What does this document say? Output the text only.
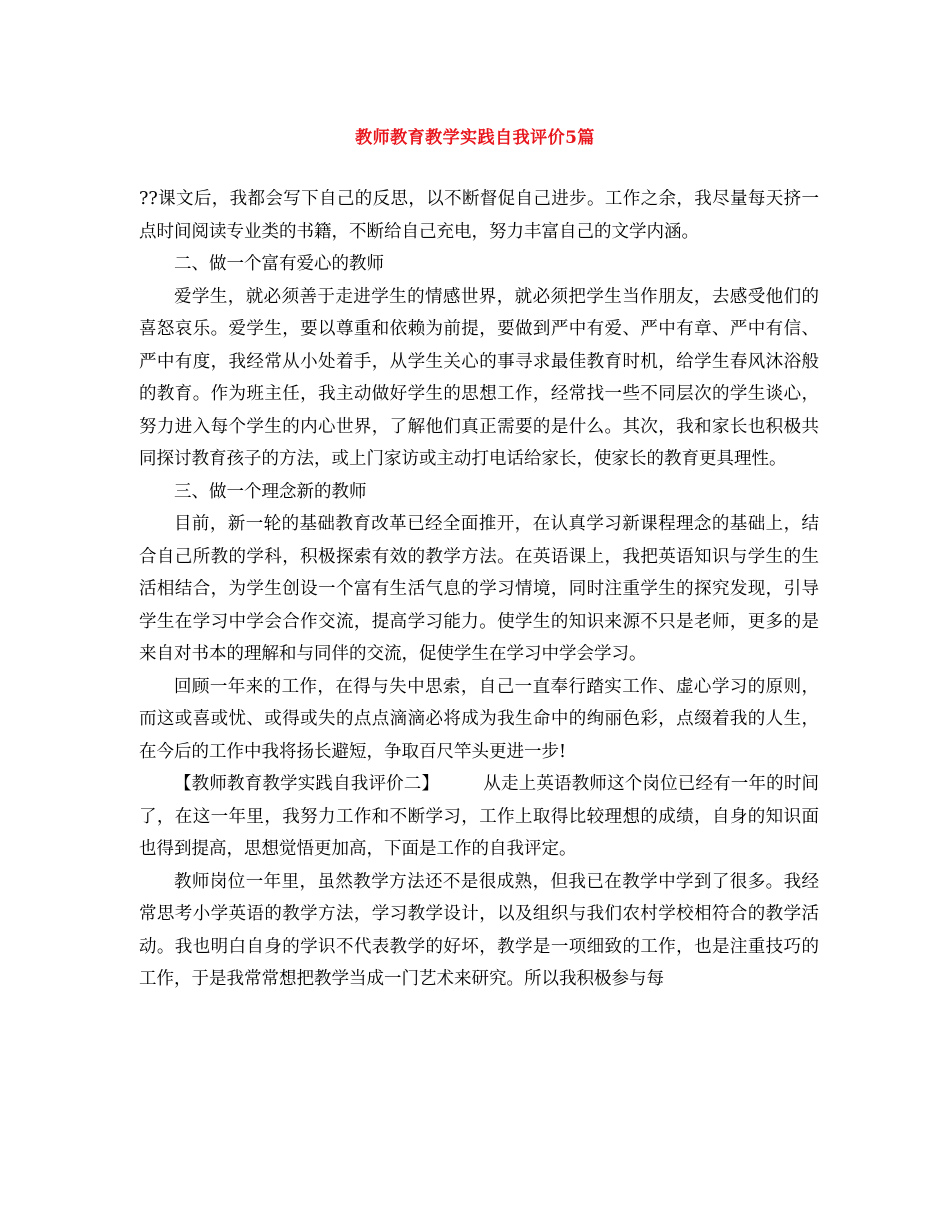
教师教育教学实践自我评价5篇

??课文后，我都会写下自己的反思，以不断督促自己进步。工作之余，我尽量每天挤一点时间阅读专业类的书籍，不断给自己充电，努力丰富自己的文学内涵。

二、做一个富有爱心的教师

爱学生，就必须善于走进学生的情感世界，就必须把学生当作朋友，去感受他们的喜怒哀乐。爱学生，要以尊重和依赖为前提，要做到严中有爱、严中有章、严中有信、严中有度，我经常从小处着手，从学生关心的事寻求最佳教育时机，给学生春风沐浴般的教育。作为班主任，我主动做好学生的思想工作，经常找一些不同层次的学生谈心，努力进入每个学生的内心世界，了解他们真正需要的是什么。其次，我和家长也积极共同探讨教育孩子的方法，或上门家访或主动打电话给家长，使家长的教育更具理性。

三、做一个理念新的教师

目前，新一轮的基础教育改革已经全面推开，在认真学习新课程理念的基础上，结合自己所教的学科，积极探索有效的教学方法。在英语课上，我把英语知识与学生的生活相结合，为学生创设一个富有生活气息的学习情境，同时注重学生的探究发现，引导学生在学习中学会合作交流，提高学习能力。使学生的知识来源不只是老师，更多的是来自对书本的理解和与同伴的交流，促使学生在学习中学会学习。

回顾一年来的工作，在得与失中思索，自己一直奉行踏实工作、虚心学习的原则，而这或喜或忧、或得或失的点点滴滴必将成为我生命中的绚丽色彩，点缀着我的人生，在今后的工作中我将扬长避短，争取百尺竿头更进一步!

【教师教育教学实践自我评价二】	从走上英语教师这个岗位已经有一年的时间了，在这一年里，我努力工作和不断学习，工作上取得比较理想的成绩，自身的知识面也得到提高，思想觉悟更加高，下面是工作的自我评定。

教师岗位一年里，虽然教学方法还不是很成熟，但我已在教学中学到了很多。我经常思考小学英语的教学方法，学习教学设计，以及组织与我们农村学校相符合的教学活动。我也明白自身的学识不代表教学的好坏，教学是一项细致的工作，也是注重技巧的工作，于是我常常想把教学当成一门艺术来研究。所以我积极参与每
